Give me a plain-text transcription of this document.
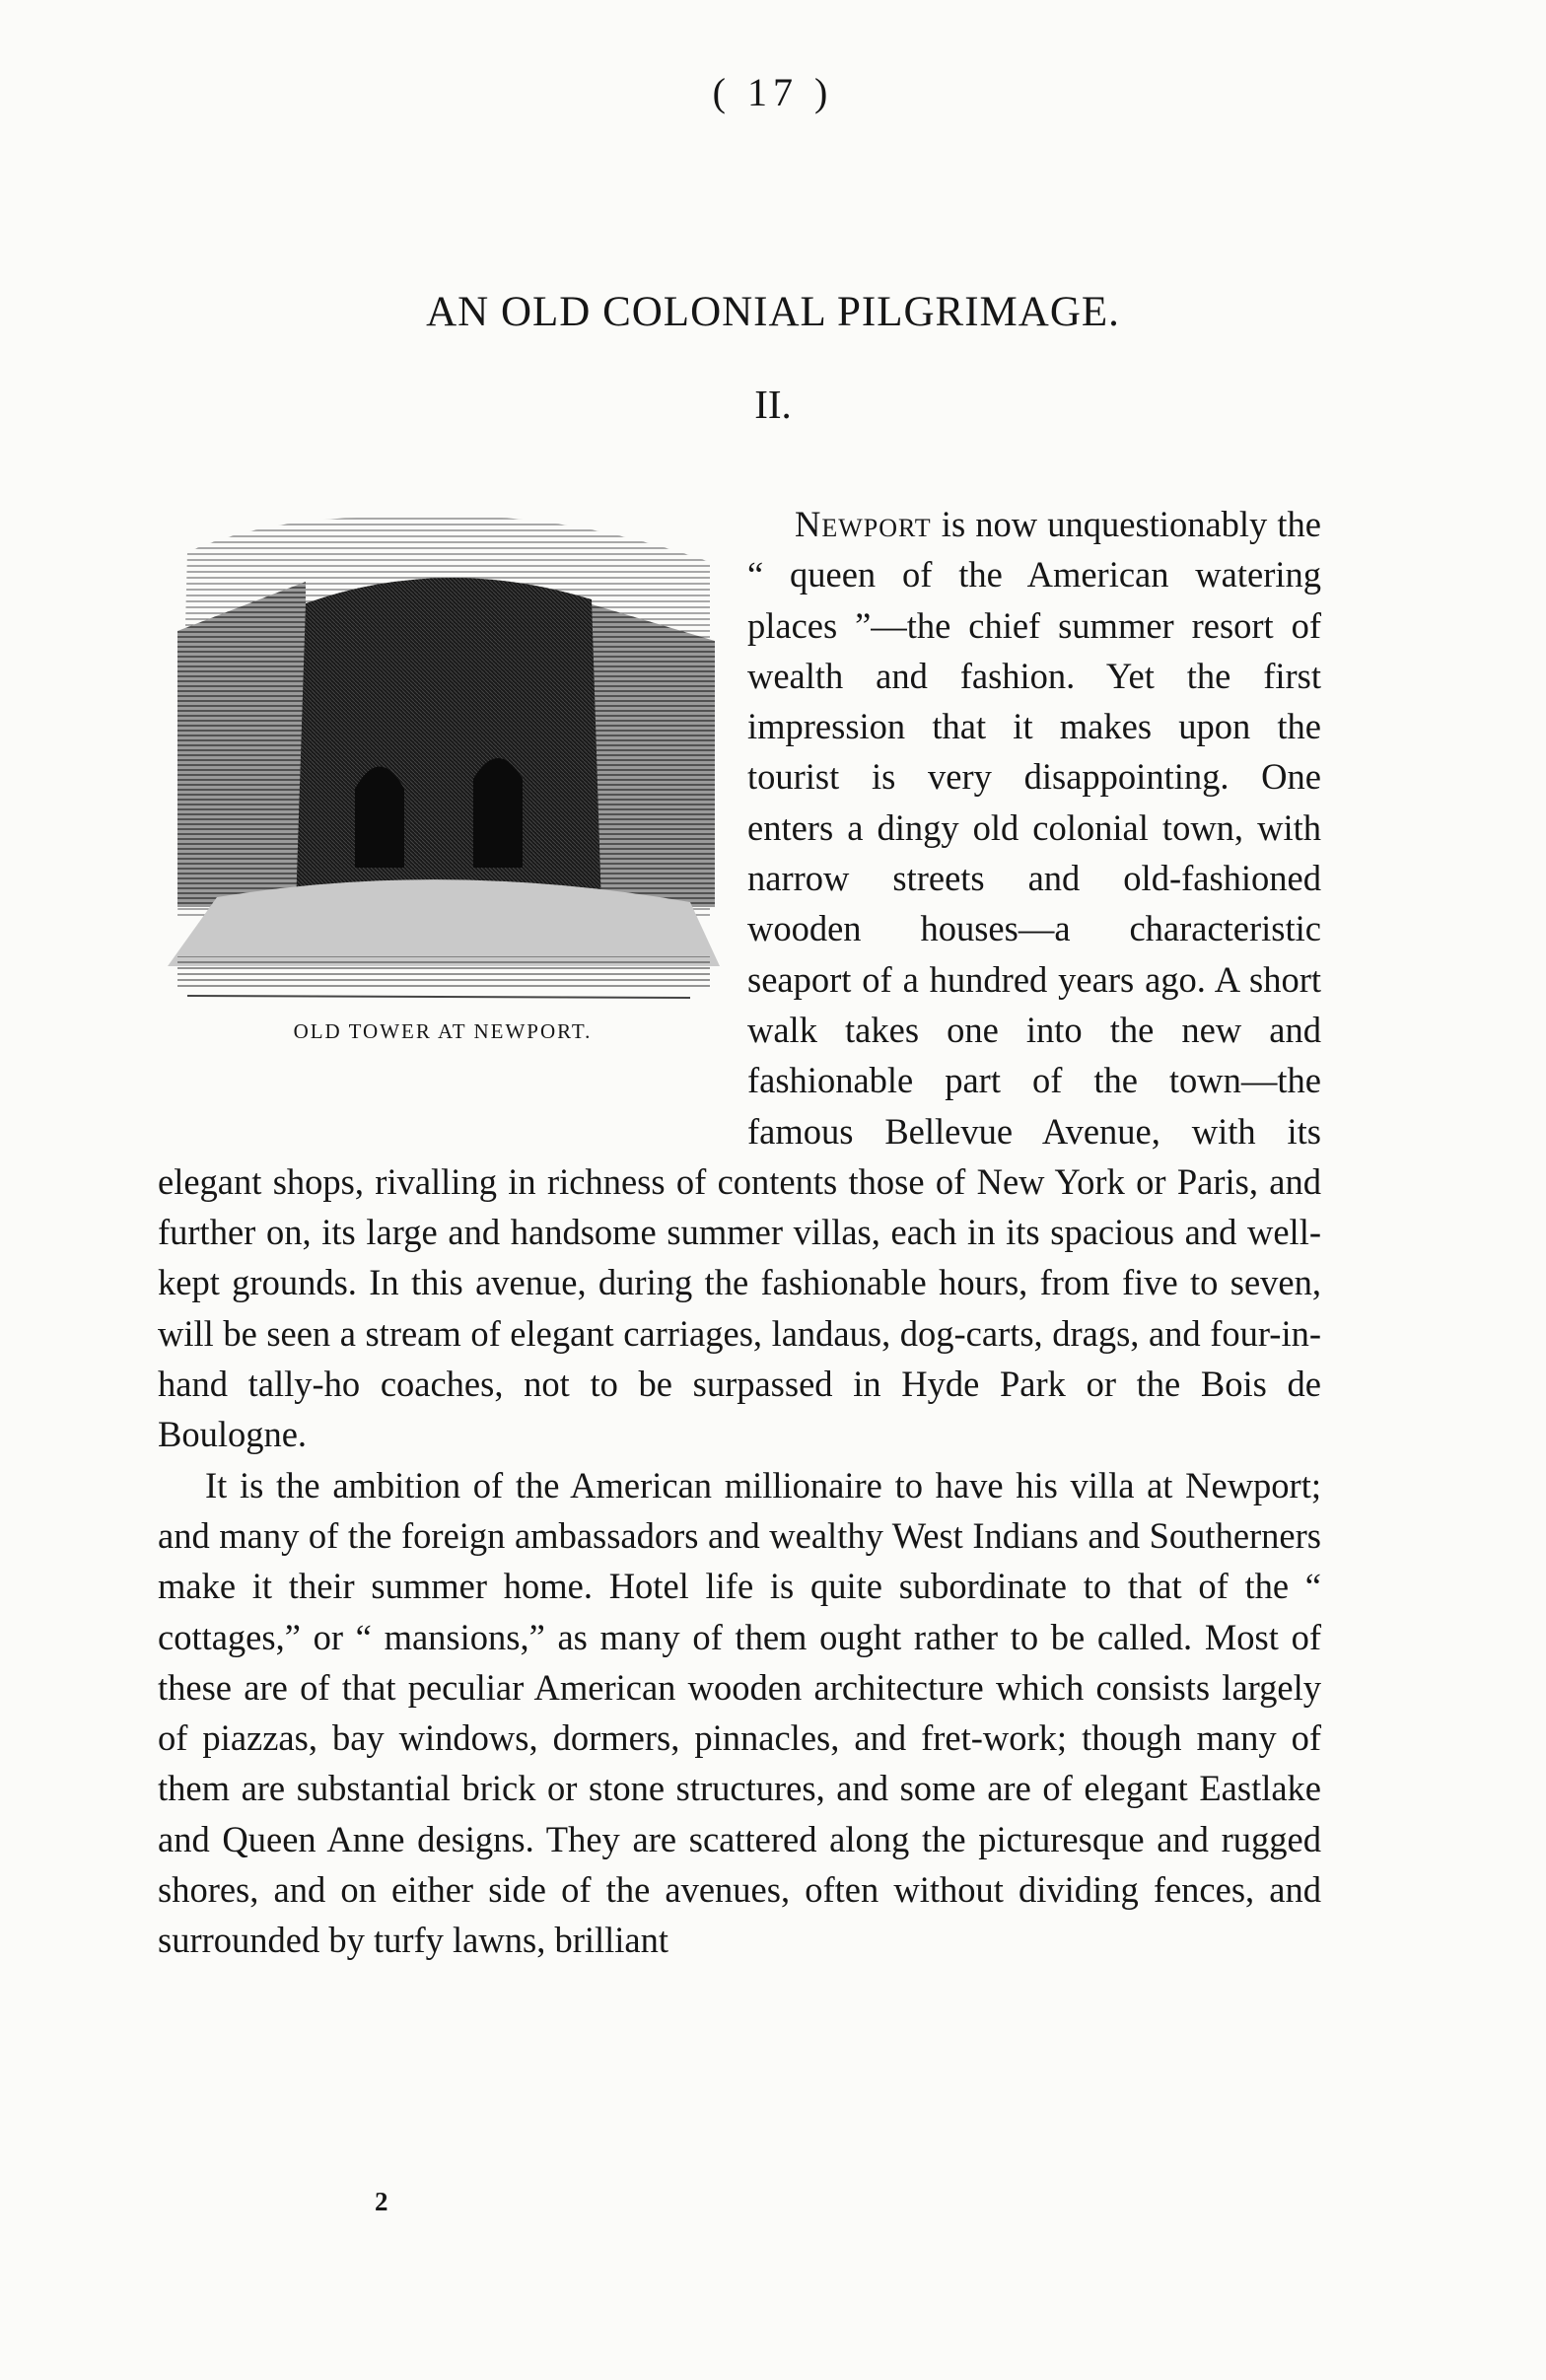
( 17 )
AN OLD COLONIAL PILGRIMAGE.
II.
OLD TOWER AT NEWPORT.

Newport is now unquestionably the “ queen of the American watering places ”—the chief summer resort of wealth and fashion. Yet the first impression that it makes upon the tourist is very disappointing. One enters a dingy old colonial town, with narrow streets and old-fashioned wooden houses—a characteristic seaport of a hundred years ago. A short walk takes one into the new and fashionable part of the town—the famous Bellevue Avenue, with its elegant shops, rivalling in richness of contents those of New York or Paris, and further on, its large and handsome summer villas, each in its spacious and well-kept grounds. In this avenue, during the fashionable hours, from five to seven, will be seen a stream of elegant carriages, landaus, dog-carts, drags, and four-in-hand tally-ho coaches, not to be surpassed in Hyde Park or the Bois de Boulogne.

It is the ambition of the American millionaire to have his villa at Newport; and many of the foreign ambassadors and wealthy West Indians and Southerners make it their summer home. Hotel life is quite subordinate to that of the “ cottages,” or “ mansions,” as many of them ought rather to be called. Most of these are of that peculiar American wooden architecture which consists largely of piazzas, bay windows, dormers, pinnacles, and fret-work; though many of them are substantial brick or stone structures, and some are of elegant Eastlake and Queen Anne designs. They are scattered along the picturesque and rugged shores, and on either side of the avenues, often without dividing fences, and surrounded by turfy lawns, brilliant

2
